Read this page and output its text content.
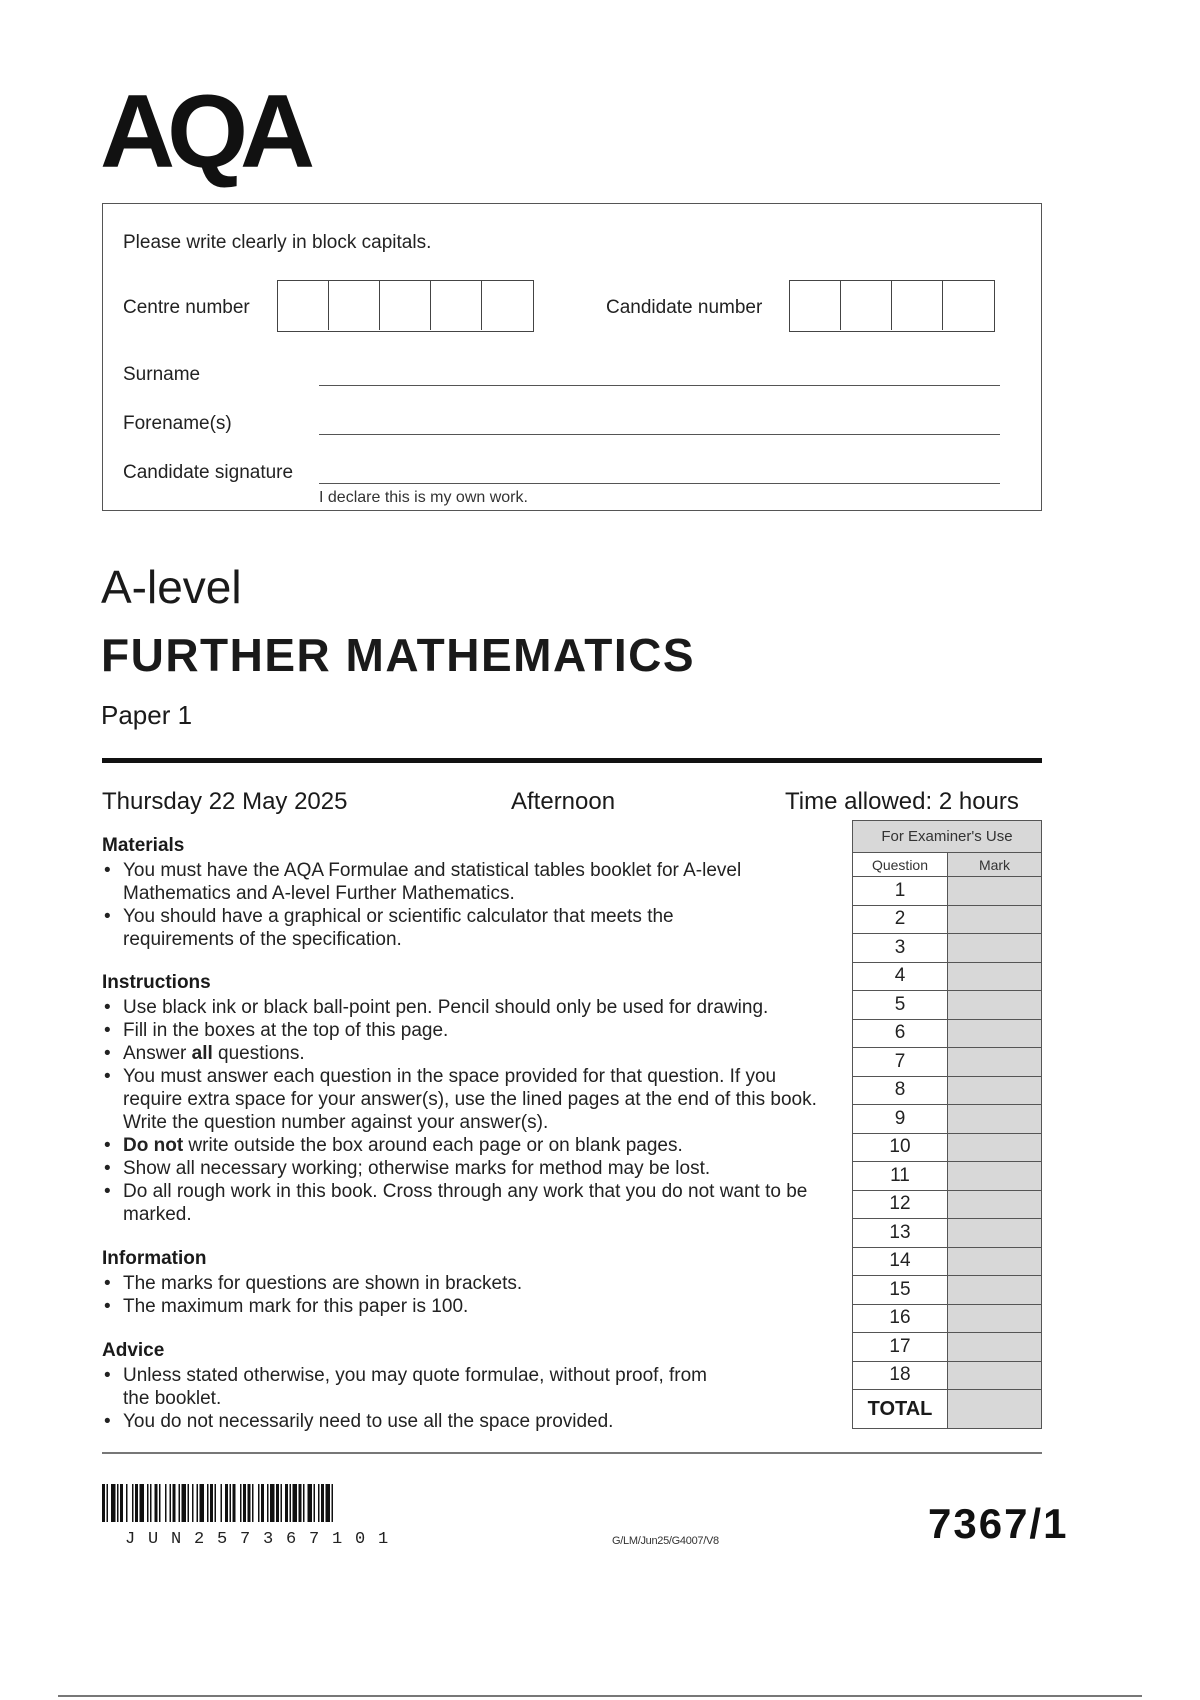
AQA
Please write clearly in block capitals.
Centre number	Candidate number
Surname
Forename(s)
Candidate signature
I declare this is my own work.
A-level
FURTHER MATHEMATICS
Paper 1
Thursday 22 May 2025	Afternoon	Time allowed: 2 hours

Materials

• You must have the AQA Formulae and statistical tables booklet for A-level Mathematics and A-level Further Mathematics.
• You should have a graphical or scientific calculator that meets the requirements of the specification.

Instructions

• Use black ink or black ball-point pen. Pencil should only be used for drawing.
• Fill in the boxes at the top of this page.
• Answer all questions.
• You must answer each question in the space provided for that question. If you require extra space for your answer(s), use the lined pages at the end of this book. Write the question number against your answer(s).
• Do not write outside the box around each page or on blank pages.
• Show all necessary working; otherwise marks for method may be lost.
• Do all rough work in this book. Cross through any work that you do not want to be marked.

Information

• The marks for questions are shown in brackets.
• The maximum mark for this paper is 100.

Advice

• Unless stated otherwise, you may quote formulae, without proof, from the booklet.
• You do not necessarily need to use all the space provided.
For Examiner's Use	
Question	Mark
1	
2	
3	
4	
5	
6	
7	
8	
9	
10	
11	
12	
13	
14	
15	
16	
17	
18	
TOTAL	
JUN257367101	G/LM/Jun25/G4007/V8	7367/1
